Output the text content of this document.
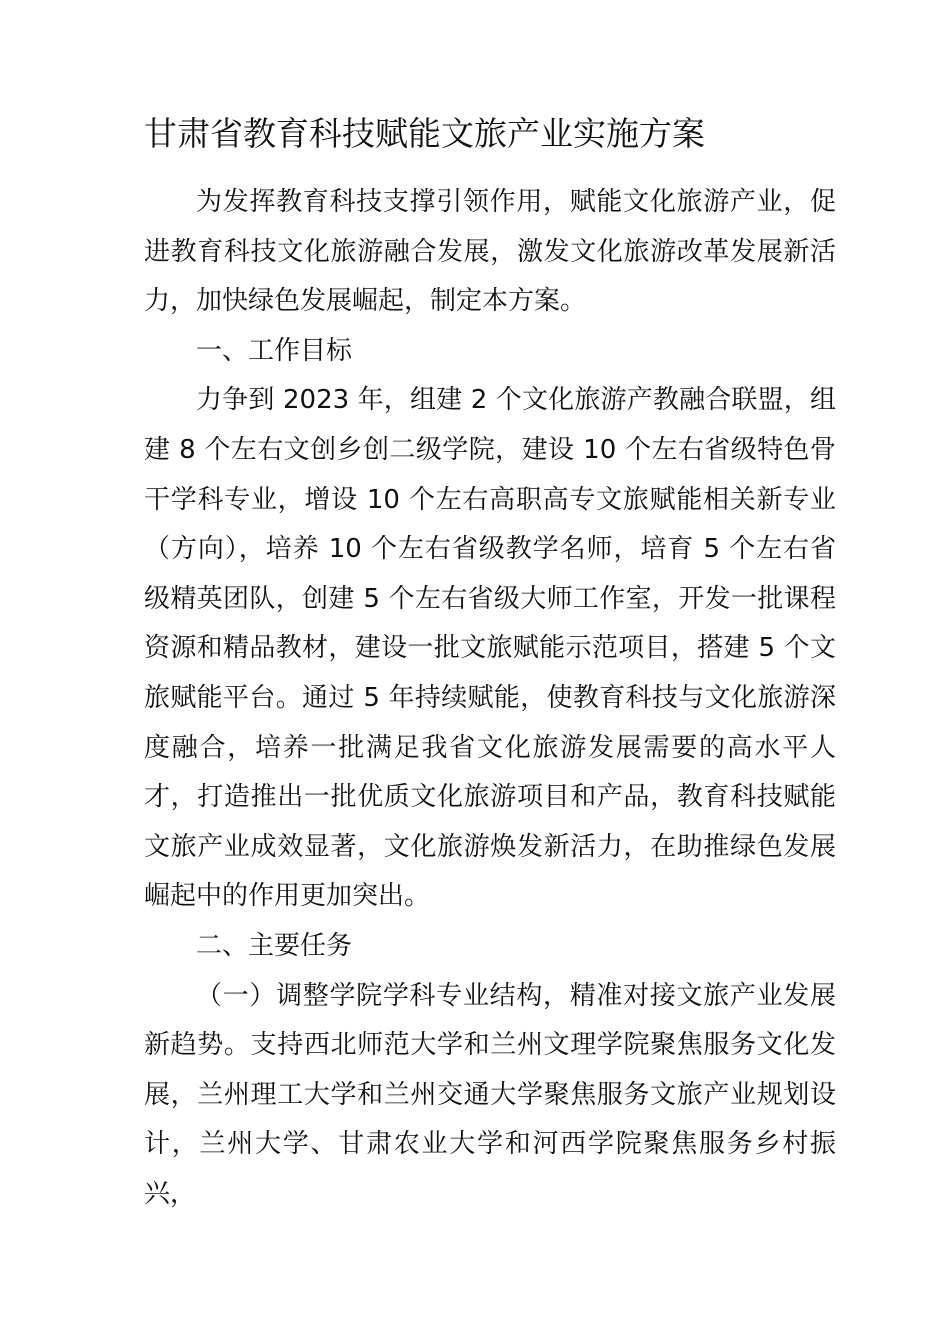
甘肃省教育科技赋能文旅产业实施方案

为发挥教育科技支撑引领作用，赋能文化旅游产业，促进教育科技文化旅游融合发展，激发文化旅游改革发展新活力，加快绿色发展崛起，制定本方案。

一、工作目标

力争到 2023 年，组建 2 个文化旅游产教融合联盟，组建 8 个左右文创乡创二级学院，建设 10 个左右省级特色骨干学科专业，增设 10 个左右高职高专文旅赋能相关新专业（方向），培养 10 个左右省级教学名师，培育 5 个左右省级精英团队，创建 5 个左右省级大师工作室，开发一批课程资源和精品教材，建设一批文旅赋能示范项目，搭建 5 个文旅赋能平台。通过 5 年持续赋能，使教育科技与文化旅游深度融合，培养一批满足我省文化旅游发展需要的高水平人才，打造推出一批优质文化旅游项目和产品，教育科技赋能文旅产业成效显著，文化旅游焕发新活力，在助推绿色发展崛起中的作用更加突出。

二、主要任务

（一）调整学院学科专业结构，精准对接文旅产业发展新趋势。支持西北师范大学和兰州文理学院聚焦服务文化发展，兰州理工大学和兰州交通大学聚焦服务文旅产业规划设计，兰州大学、甘肃农业大学和河西学院聚焦服务乡村振兴，
